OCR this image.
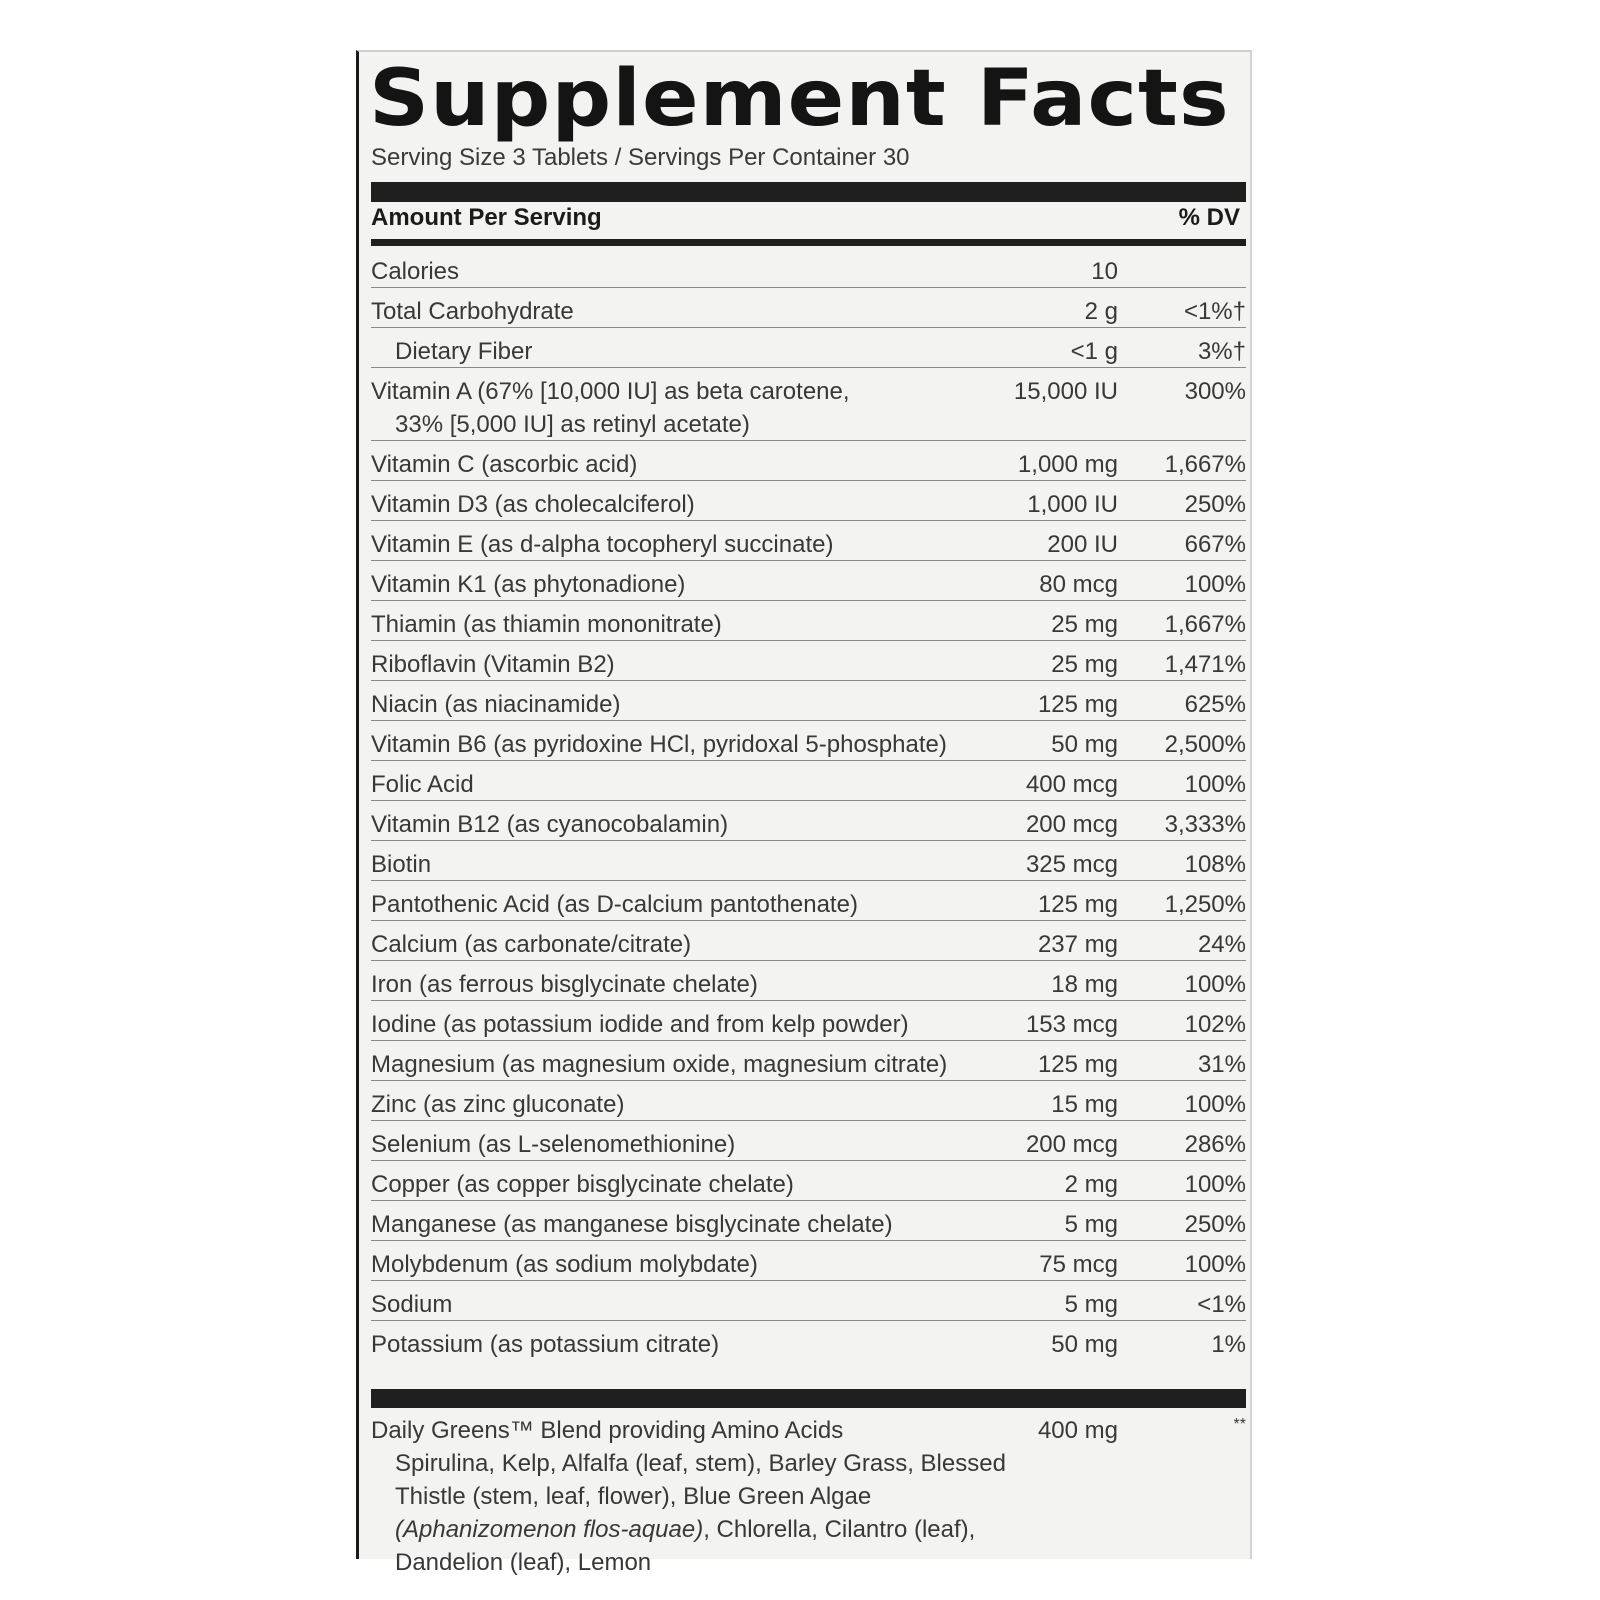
Supplement Facts
Serving Size 3 Tablets / Servings Per Container 30
Amount Per Serving	% DV
Calories	10
Total Carbohydrate	2 g	<1%†
Dietary Fiber	<1 g	3%†
Vitamin A (67% [10,000 IU] as beta carotene,
33% [5,000 IU] as retinyl acetate)
15,000 IU	300%
Vitamin C (ascorbic acid)	1,000 mg 1,667%
Vitamin D3 (as cholecalciferol)	1,000 IU	250%
Vitamin E (as d-alpha tocopheryl succinate)	200 IU	667%
Vitamin K1 (as phytonadione)	80 mcg	100%
Thiamin (as thiamin mononitrate)	25 mg 1,667%
Riboflavin (Vitamin B2)	25 mg 1,471%
Niacin (as niacinamide)	125 mg	625%
Vitamin B6 (as pyridoxine HCl, pyridoxal 5-phosphate)	50 mg 2,500%
Folic Acid	400 mcg	100%
Vitamin B12 (as cyanocobalamin)	200 mcg 3,333%
Biotin	325 mcg	108%
Pantothenic Acid (as D-calcium pantothenate)	125 mg 1,250%
Calcium (as carbonate/citrate)	237 mg	24%
Iron (as ferrous bisglycinate chelate)	18 mg	100%
Iodine (as potassium iodide and from kelp powder)	153 mcg	102%
Magnesium (as magnesium oxide, magnesium citrate)	125 mg	31%
Zinc (as zinc gluconate)	15 mg	100%
Selenium (as L-selenomethionine)	200 mcg	286%
Copper (as copper bisglycinate chelate)	2 mg	100%
Manganese (as manganese bisglycinate chelate)	5 mg	250%
Molybdenum (as sodium molybdate)	75 mcg	100%
Sodium	5 mg	<1%
Potassium (as potassium citrate)	50 mg	1%
Daily Greens™ Blend providing Amino Acids	400 mg	**
Spirulina, Kelp, Alfalfa (leaf, stem), Barley Grass, Blessed Thistle (stem, leaf, flower), Blue Green Algae (Aphanizomenon flos-aquae), Chlorella, Cilantro (leaf), Dandelion (leaf), Lemon
